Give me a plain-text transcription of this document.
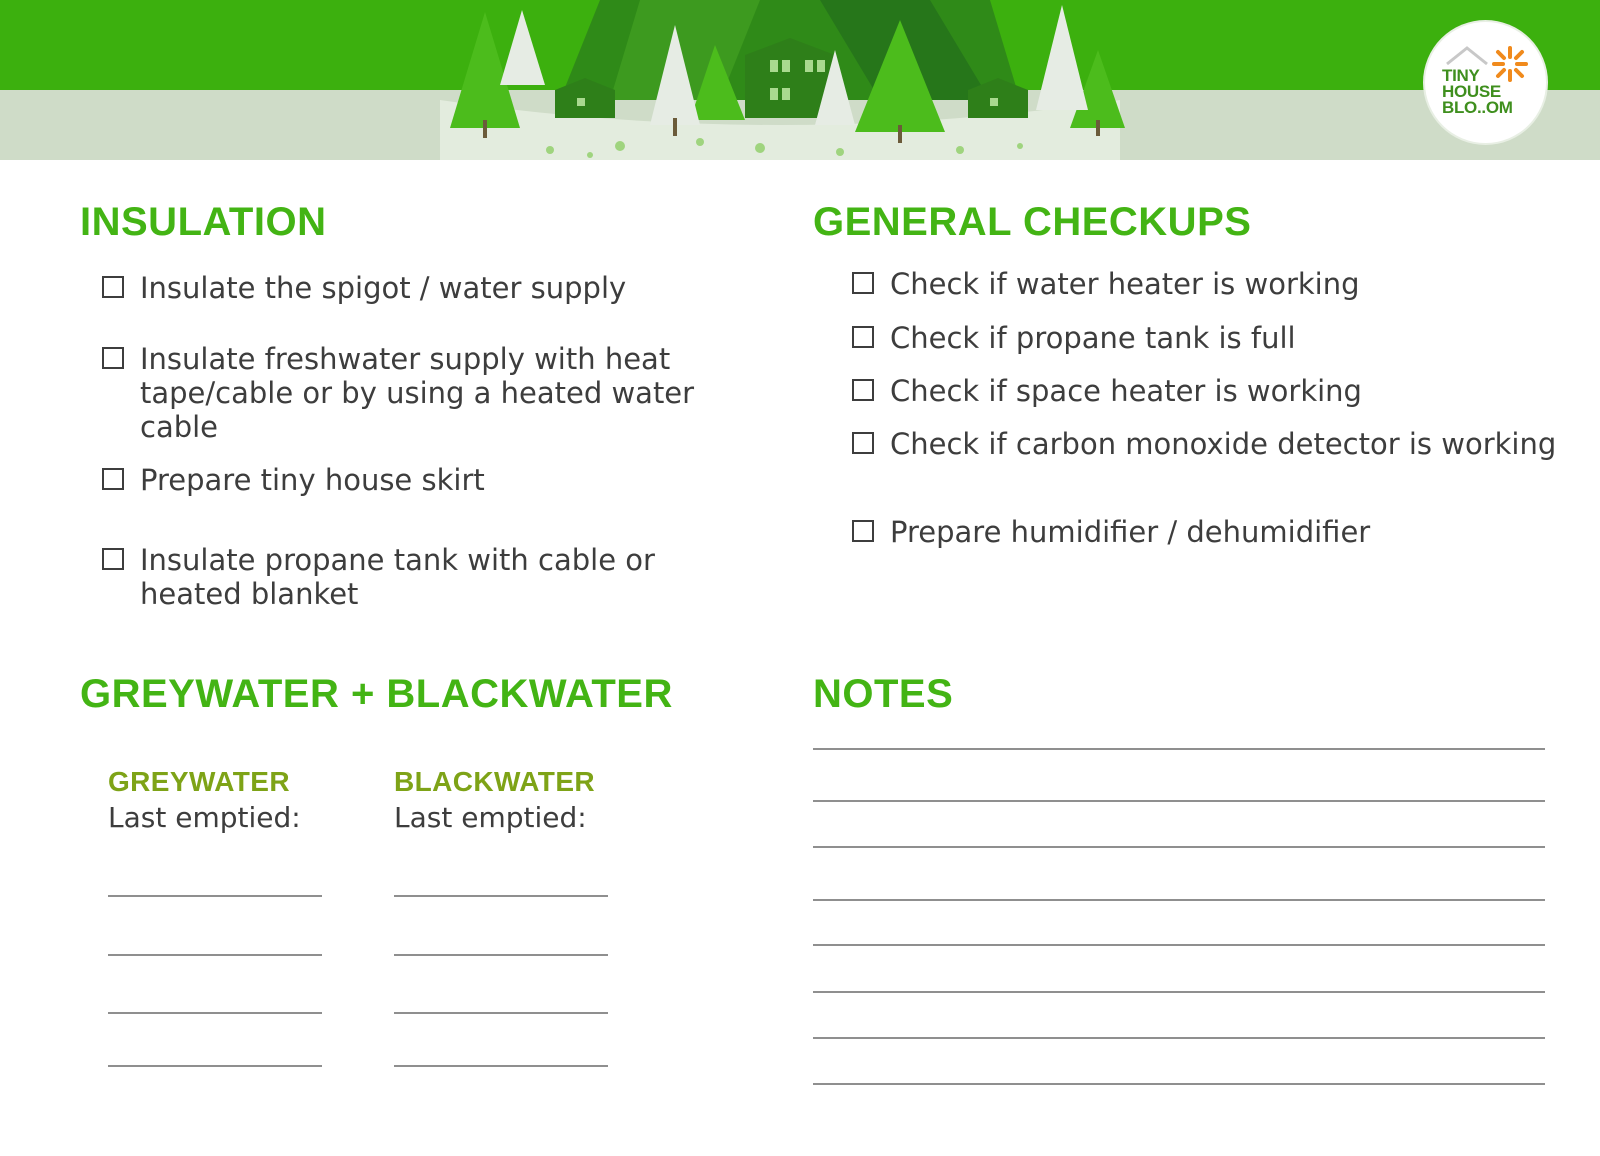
TINY
HOUSE
BLO..OM
INSULATION
Insulate the spigot / water supply
Insulate freshwater supply with heat tape/cable or by using a heated water cable
Prepare tiny house skirt
Insulate propane tank with cable or heated blanket
GENERAL CHECKUPS
Check if water heater is working
Check if propane tank is full
Check if space heater is working
Check if carbon monoxide detector is working
Prepare humidifier / dehumidifier
GREYWATER + BLACKWATER
GREYWATER
Last emptied:
BLACKWATER
Last emptied:
NOTES
